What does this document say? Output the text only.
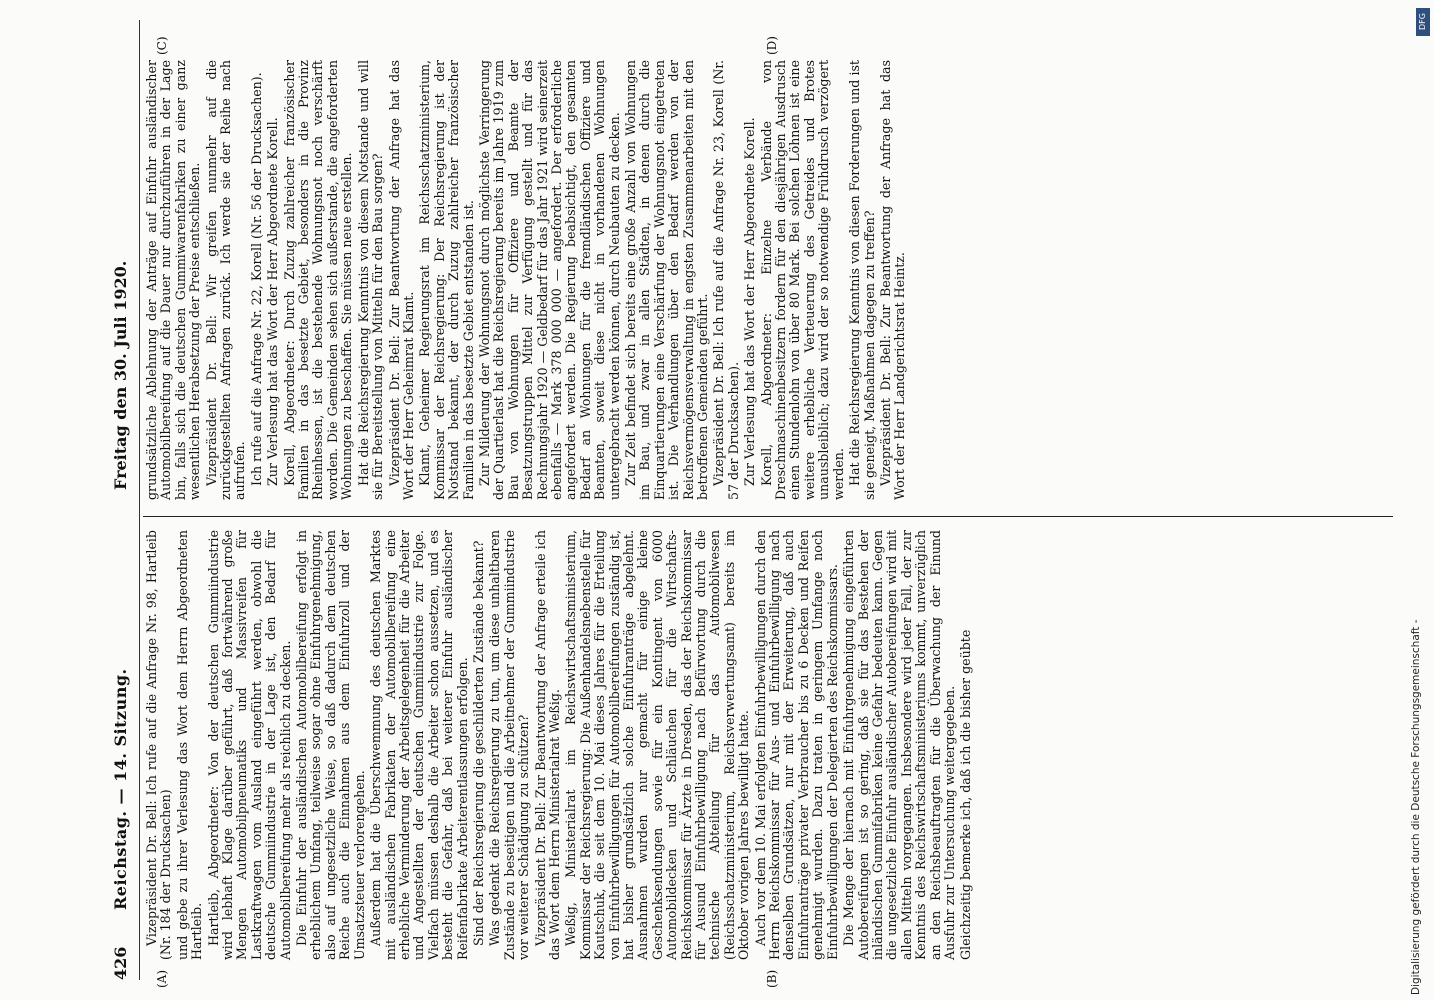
426
Reichstag. — 14. Sitzung.
Freitag den 30. Juli 1920.
(A)	(B)
(C)	(D)

Vizepräsident Dr. Bell: Ich rufe auf die Anfrage Nr. 98, Hartleib (Nr. 184 der Drucksachen) und gebe zu ihrer Verlesung das Wort dem Herrn Abgeordneten Hartleib. Hartleib, Abgeordneter: Von der deutschen Gummiindustrie wird lebhaft Klage darüber geführt, daß fortwährend große Mengen Automobilpneumatiks und Massivreifen für Lastkraftwagen vom Ausland eingeführt werden, obwohl die deutsche Gummiindustrie in der Lage ist, den Bedarf für Automobilbereifung mehr als reichlich zu decken. Die Einfuhr der ausländischen Automobilbereifung erfolgt in erheblichem Umfang, teilweise sogar ohne Einfuhrgenehmigung, also auf ungesetzliche Weise, so daß dadurch dem deutschen Reiche auch die Einnahmen aus dem Einfuhrzoll und der Umsatzsteuer verlorengehen. Außerdem hat die Überschwemmung des deutschen Marktes mit ausländischen Fabrikaten der Automobilbereifung eine erhebliche Verminderung der Arbeitsgelegenheit für die Arbeiter und Angestellten der deutschen Gummiindustrie zur Folge. Vielfach müssen deshalb die Arbeiter schon aussetzen, und es besteht die Gefahr, daß bei weiterer Einfuhr ausländischer Reifenfabrikate Arbeiterentlassungen erfolgen. Sind der Reichsregierung die geschilderten Zustände bekannt? Was gedenkt die Reichsregierung zu tun, um diese unhaltbaren Zustände zu beseitigen und die Arbeitnehmer der Gummiindustrie vor weiterer Schädigung zu schützen? Vizepräsident Dr. Bell: Zur Beantwortung der Anfrage erteile ich das Wort dem Herrn Ministerialrat Weßig. Weßig, Ministerialrat im Reichswirtschaftsministerium, Kommissar der Reichsregierung: Die Außenhandelsnebenstelle für Kautschuk, die seit dem 10. Mai dieses Jahres für die Erteilung von Einfuhrbewilligungen für Automobilbereifungen zuständig ist, hat bisher grundsätzlich solche Einfuhranträge abgelehnt. Ausnahmen wurden nur gemacht für einige kleine Geschenksendungen sowie für ein Kontingent von 6000 Automobildecken und Schläuchen für die Wirtschafts-Reichskommissar für Ärzte in Dresden, das der Reichskommissar für Ausund Einfuhrbewilligung nach Befürwortung durch die technische Abteilung für das Automobilwesen (Reichsschatzministerium, Reichsverwertungsamt) bereits im Oktober vorigen Jahres bewilligt hatte. Auch vor dem 10. Mai erfolgten Einfuhrbewilligungen durch den Herrn Reichskommissar für Aus- und Einfuhrbewilligung nach denselben Grundsätzen, nur mit der Erweiterung, daß auch Einfuhranträge privater Verbraucher bis zu 6 Decken und Reifen genehmigt wurden. Dazu traten in geringem Umfange noch Einfuhrbewilligungen der Delegierten des Reichskommissars. Die Menge der hiernach mit Einfuhrgenehmigung eingeführten Autobereifungen ist so gering, daß sie für das Bestehen der inländischen Gummifabriken keine Gefahr bedeuten kann. Gegen die ungesetzliche Einfuhr ausländischer Autobereifungen wird mit allen Mitteln vorgegangen. Insbesondere wird jeder Fall, der zur Kenntnis des Reichswirtschaftsministeriums kommt, unverzüglich an den Reichsbeauftragten für die Überwachung der Einund Ausfuhr zur Untersuchung weitergegeben. Gleichzeitig bemerke ich, daß ich die bisher geübte

grundsätzliche Ablehnung der Anträge auf Einfuhr ausländischer Automobilbereifung auf die Dauer nur durchzuführen in der Lage bin, falls sich die deutschen Gummiwarenfabriken zu einer ganz wesentlichen Herabsetzung der Preise entschließen. Vizepräsident Dr. Bell: Wir greifen nunmehr auf die zurückgestellten Anfragen zurück. Ich werde sie der Reihe nach aufrufen. Ich rufe auf die Anfrage Nr. 22, Korell (Nr. 56 der Drucksachen). Zur Verlesung hat das Wort der Herr Abgeordnete Korell. Korell, Abgeordneter: Durch Zuzug zahlreicher französischer Familien in das besetzte Gebiet, besonders in die Provinz Rheinhessen, ist die bestehende Wohnungsnot noch verschärft worden. Die Gemeinden sehen sich außerstande, die angeforderten Wohnungen zu beschaffen. Sie müssen neue erstellen. Hat die Reichsregierung Kenntnis von diesem Notstande und will sie für Bereitstellung von Mitteln für den Bau sorgen? Vizepräsident Dr. Bell: Zur Beantwortung der Anfrage hat das Wort der Herr Geheimrat Klamt. Klamt, Geheimer Regierungsrat im Reichsschatzministerium, Kommissar der Reichsregierung: Der Reichsregierung ist der Notstand bekannt, der durch Zuzug zahlreicher französischer Familien in das besetzte Gebiet entstanden ist. Zur Milderung der Wohnungsnot durch möglichste Verringerung der Quartierlast hat die Reichsregierung bereits im Jahre 1919 zum Bau von Wohnungen für Offiziere und Beamte der Besatzungstruppen Mittel zur Verfügung gestellt und für das Rechnungsjahr 1920 — Geldbedarf für das Jahr 1921 wird seinerzeit ebenfalls — Mark 378 000 000 — angefordert. Der erforderliche angefordert werden. Die Regierung beabsichtigt, den gesamten Bedarf an Wohnungen für die fremdländischen Offiziere und Beamten, soweit diese nicht in vorhandenen Wohnungen untergebracht werden können, durch Neubauten zu decken. Zur Zeit befindet sich bereits eine große Anzahl von Wohnungen im Bau, und zwar in allen Städten, in denen durch die Einquartierungen eine Verschärfung der Wohnungsnot eingetreten ist. Die Verhandlungen über den Bedarf werden von der Reichsvermögensverwaltung in engsten Zusammenarbeiten mit den betroffenen Gemeinden geführt. Vizepräsident Dr. Bell: Ich rufe auf die Anfrage Nr. 23, Korell (Nr. 57 der Drucksachen). Zur Verlesung hat das Wort der Herr Abgeordnete Korell. Korell, Abgeordneter: Einzelne Verbände von Dreschmaschinenbesitzern fordern für den diesjährigen Ausdrusch einen Stundenlohn von über 80 Mark. Bei solchen Löhnen ist eine weitere erhebliche Verteuerung des Getreides und Brotes unausbleiblich; dazu wird der so notwendige Frühdrusch verzögert werden. Hat die Reichsregierung Kenntnis von diesen Forderungen und ist sie geneigt, Maßnahmen dagegen zu treffen? Vizepräsident Dr. Bell: Zur Beantwortung der Anfrage hat das Wort der Herr Landgerichtsrat Heintz.

DFG
Digitalisierung gefördert durch die Deutsche Forschungsgemeinschaft -
